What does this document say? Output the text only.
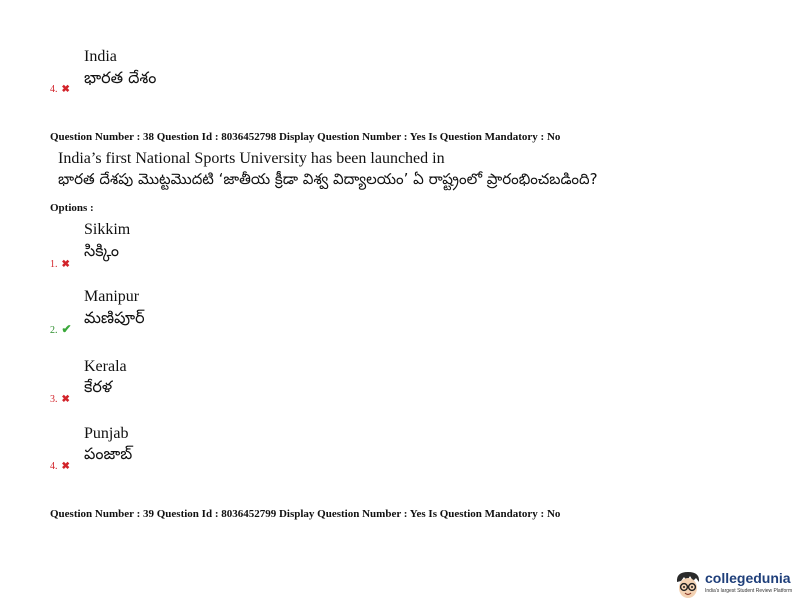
India
భారత దేశం
4. ✖
Question Number : 38 Question Id : 8036452798 Display Question Number : Yes Is Question Mandatory : No
India’s first National Sports University has been launched in
భారత దేశపు మొట్టమొదటి ‘జాతీయ క్రీడా విశ్వ విద్యాలయం’ ఏ రాష్ట్రంలో ప్రారంభించబడింది?
Options :
Sikkim
సిక్కిం
1. ✖
Manipur
మణిపూర్
2. ✔
Kerala
కేరళ
3. ✖
Punjab
పంజాబ్
4. ✖
Question Number : 39 Question Id : 8036452799 Display Question Number : Yes Is Question Mandatory : No
collegedunia
India's largest Student Review Platform
